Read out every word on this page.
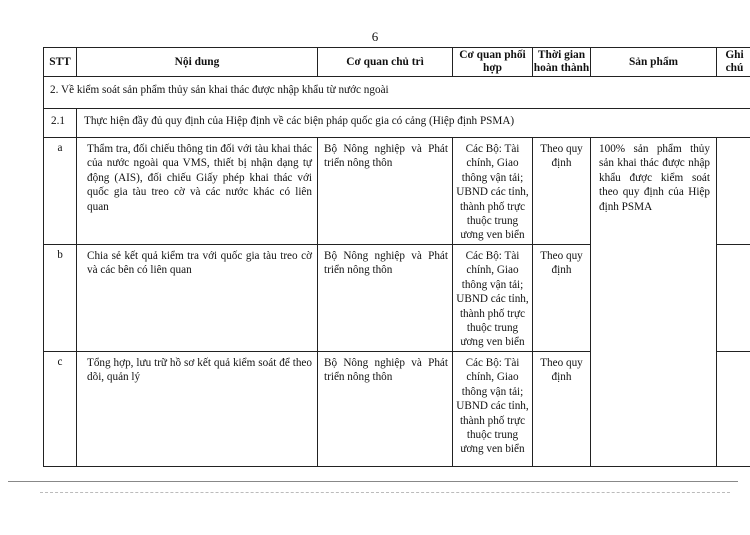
6
STT	Nội dung	Cơ quan chủ trì	Cơ quan phối hợp	Thời gian hoàn thành	Sản phẩm	Ghi chú
2. Về kiểm soát sản phẩm thủy sản khai thác được nhập khẩu từ nước ngoài						
2.1	Thực hiện đầy đủ quy định của Hiệp định về các biện pháp quốc gia có cảng (Hiệp định PSMA)					
a	Thẩm tra, đối chiếu thông tin đối với tàu khai thác của nước ngoài qua VMS, thiết bị nhận dạng tự động (AIS), đối chiếu Giấy phép khai thác với quốc gia tàu treo cờ và các nước khác có liên quan	Bộ Nông nghiệp và Phát triển nông thôn	Các Bộ: Tài chính, Giao thông vận tải; UBND các tỉnh, thành phố trực thuộc trung ương ven biển	Theo quy định	100% sản phẩm thủy sản khai thác được nhập khẩu được kiểm soát theo quy định của Hiệp định PSMA	
b	Chia sẻ kết quả kiểm tra với quốc gia tàu treo cờ và các bên có liên quan	Bộ Nông nghiệp và Phát triển nông thôn	Các Bộ: Tài chính, Giao thông vận tải; UBND các tỉnh, thành phố trực thuộc trung ương ven biển	Theo quy định		
c	Tổng hợp, lưu trữ hồ sơ kết quả kiểm soát để theo dõi, quản lý	Bộ Nông nghiệp và Phát triển nông thôn	Các Bộ: Tài chính, Giao thông vận tải; UBND các tỉnh, thành phố trực thuộc trung ương ven biển	Theo quy định		
